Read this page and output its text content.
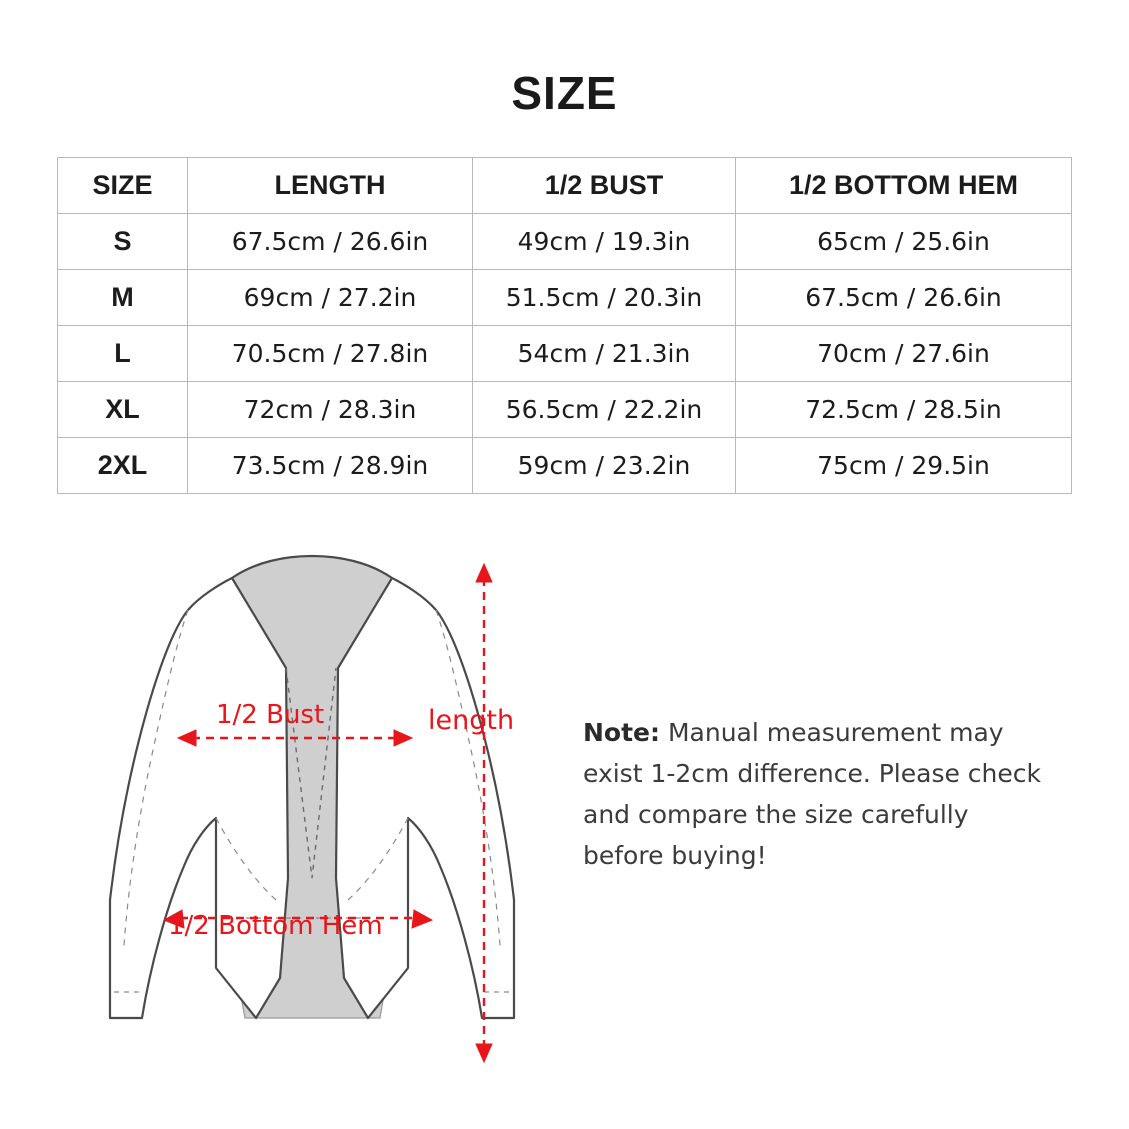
SIZE
SIZE	LENGTH	1/2 BUST	1/2 BOTTOM HEM
S	67.5cm / 26.6in	49cm / 19.3in	65cm / 25.6in
M	69cm / 27.2in	51.5cm / 20.3in	67.5cm / 26.6in
L	70.5cm / 27.8in	54cm / 21.3in	70cm / 27.6in
XL	72cm / 28.3in	56.5cm / 22.2in	72.5cm / 28.5in
2XL	73.5cm / 28.9in	59cm / 23.2in	75cm / 29.5in
1/2 Bust
1/2 Bottom Hem
length	Note: Manual measurement may exist 1-2cm difference. Please check and compare the size carefully before buying!
